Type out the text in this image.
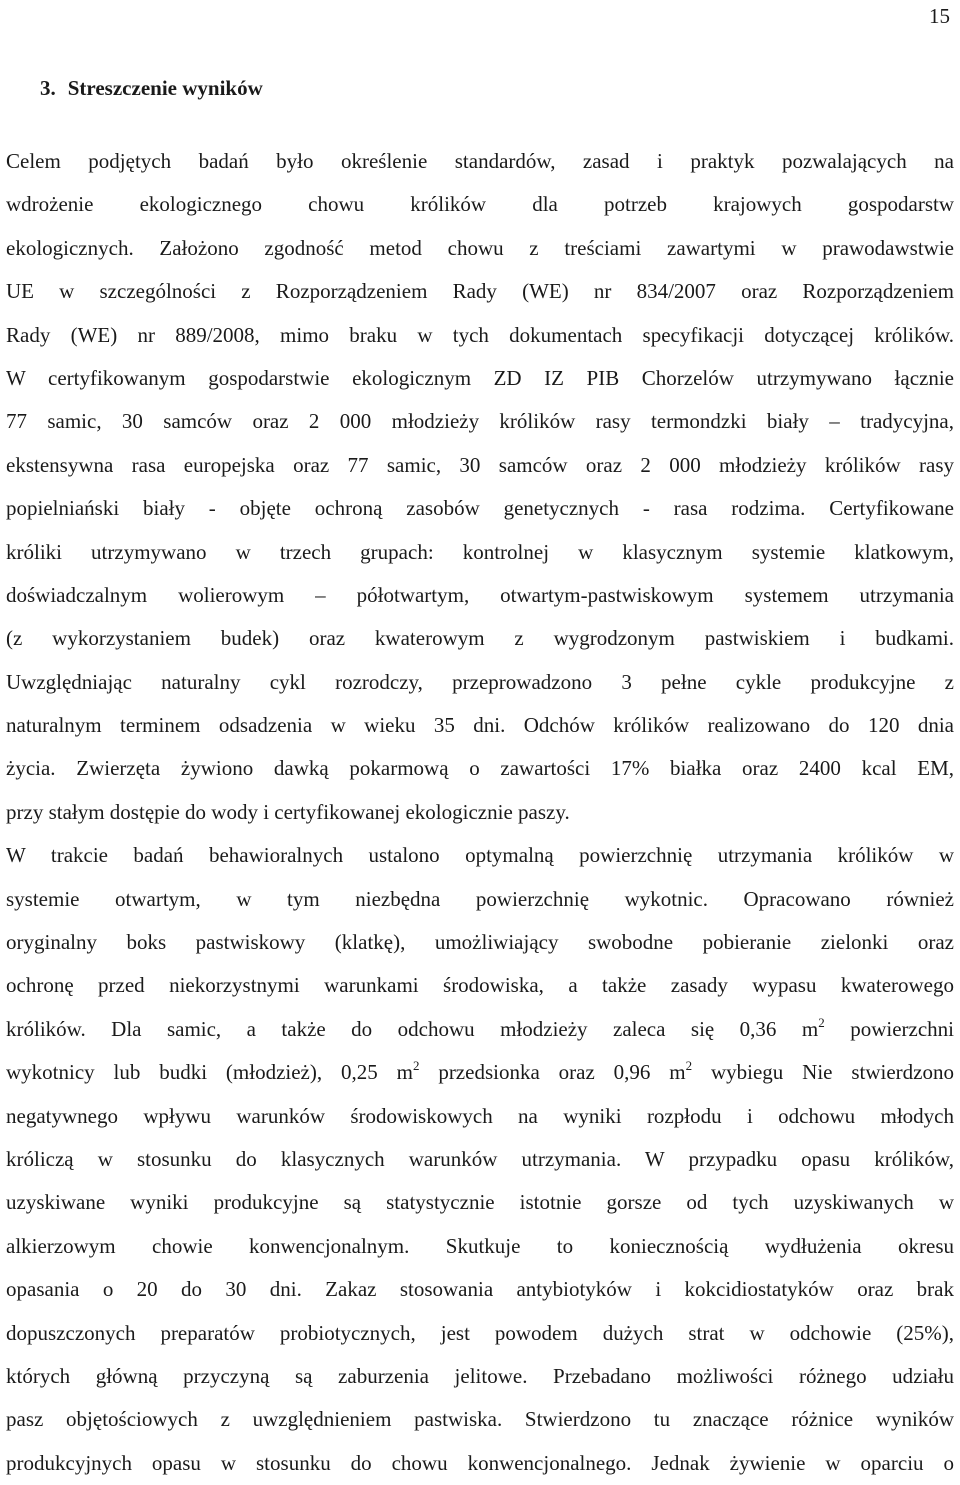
15
3. Streszczenie wyników
Celem podjętych badań było określenie standardów, zasad i praktyk pozwalających na
wdrożenie ekologicznego chowu królików dla potrzeb krajowych gospodarstw
ekologicznych. Założono zgodność metod chowu z treściami zawartymi w prawodawstwie
UE w szczególności z Rozporządzeniem Rady (WE) nr 834/2007 oraz Rozporządzeniem
Rady (WE) nr 889/2008, mimo braku w tych dokumentach specyfikacji dotyczącej królików.
W certyfikowanym gospodarstwie ekologicznym ZD IZ PIB Chorzelów utrzymywano łącznie
77 samic, 30 samców oraz 2 000 młodzieży królików rasy termondzki biały – tradycyjna,
ekstensywna rasa europejska oraz 77 samic, 30 samców oraz 2 000 młodzieży królików rasy
popielniański biały - objęte ochroną zasobów genetycznych - rasa rodzima. Certyfikowane
króliki utrzymywano w trzech grupach: kontrolnej w klasycznym systemie klatkowym,
doświadczalnym wolierowym – półotwartym, otwartym-pastwiskowym systemem utrzymania
(z wykorzystaniem budek) oraz kwaterowym z wygrodzonym pastwiskiem i budkami.
Uwzględniając naturalny cykl rozrodczy, przeprowadzono 3 pełne cykle produkcyjne z
naturalnym terminem odsadzenia w wieku 35 dni. Odchów królików realizowano do 120 dnia
życia. Zwierzęta żywiono dawką pokarmową o zawartości 17% białka oraz 2400 kcal EM,
przy stałym dostępie do wody i certyfikowanej ekologicznie paszy.
W trakcie badań behawioralnych ustalono optymalną powierzchnię utrzymania królików w
systemie otwartym, w tym niezbędna powierzchnię wykotnic. Opracowano również
oryginalny boks pastwiskowy (klatkę), umożliwiający swobodne pobieranie zielonki oraz
ochronę przed niekorzystnymi warunkami środowiska, a także zasady wypasu kwaterowego
królików. Dla samic, a także do odchowu młodzieży zaleca się 0,36 $m^2$ powierzchni
wykotnicy lub budki (młodzież), 0,25 $m^2$ przedsionka oraz 0,96 $m^2$ wybiegu Nie stwierdzono
negatywnego wpływu warunków środowiskowych na wyniki rozpłodu i odchowu młodych
króliczą w stosunku do klasycznych warunków utrzymania. W przypadku opasu królików,
uzyskiwane wyniki produkcyjne są statystycznie istotnie gorsze od tych uzyskiwanych w
alkierzowym chowie konwencjonalnym. Skutkuje to koniecznością wydłużenia okresu
opasania o 20 do 30 dni. Zakaz stosowania antybiotyków i kokcidiostatyków oraz brak
dopuszczonych preparatów probiotycznych, jest powodem dużych strat w odchowie (25%),
których główną przyczyną są zaburzenia jelitowe. Przebadano możliwości różnego udziału
pasz objętościowych z uwzględnieniem pastwiska. Stwierdzono tu znaczące różnice wyników
produkcyjnych opasu w stosunku do chowu konwencjonalnego. Jednak żywienie w oparciu o
